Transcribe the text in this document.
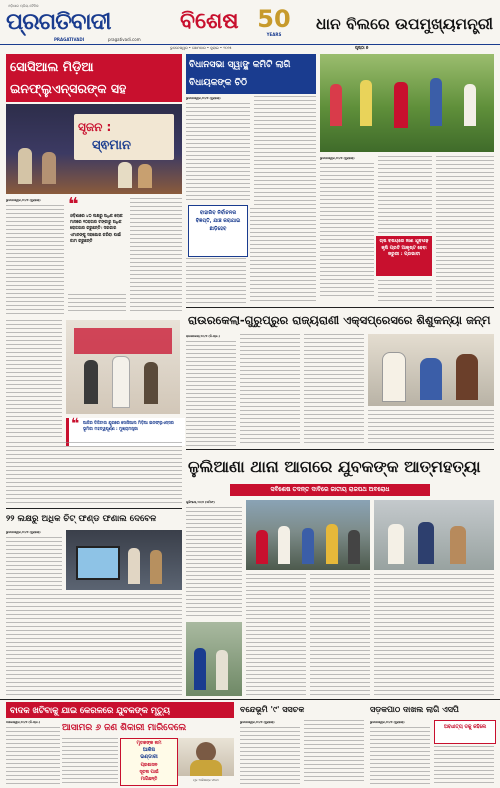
ଓଡ଼ିଶାର ପ୍ରିୟ ଦୈନିକ
ପ୍ରଗତିବାଦୀ
PRAGATIVADI	pragativadi.com
ବିଶେଷ 50
YEARS
ଭୁବନେଶ୍ୱର • ସୋମବାର • ଜୁଲାଇ • ୨୦୨୫	ପୃଷ୍ଠା ୭
ଧାନ ବିଲରେ ଉପମୁଖ୍ୟମନ୍ତ୍ରୀ
ସୋସିଆଲ ମିଡ଼ିଆ ଇନଫ୍ଲୁଏନ୍ସରଙ୍କ ସହ
ସୃଜନ :
ସ୍ଵମାନ
ଭୁବନେଶ୍ୱର,୨୦/୭ (ବ୍ୟୁରୋ)	❝
ଓଡ଼ିଶାରେ ୪୦ ଲକ୍ଷରୁ ଅଧିକ ଲୋକ ମାସରେ ୧୦ହଜାର ଟଙ୍କାରୁ ଅଧିକ ରୋଜଗାର କରୁଛନ୍ତି। ସରକାର ଏମାନଙ୍କୁ ସହଯୋଗ କରିବା ପାଇଁ କାମ କରୁଛନ୍ତି
❝ ଆଜିର ଡିଜିଟାଲ ଯୁଗରେ ସୋସିଆଲ ମିଡ଼ିଆ ଇନଫ୍ଲୁଏନ୍ସର ଭୂମିକା ମହତ୍ୱପୂର୍ଣ୍ଣ : ମୁଖ୍ୟମନ୍ତ୍ରୀ
ବିଧାନସଭା ସ୍ୱାଙ୍କ୍ଷ କମିଟି ଲାଗି ବିଧାୟକଙ୍କ ଚିଠି
ଭୁବନେଶ୍ୱର,୨୦/୭ (ବ୍ୟୁରୋ)
ବାହାରିବ ନିର୍ବାଚନର ବିଜ୍ଞପ୍ତି, ଯାଞ୍ଚ କରାଯାଇ ଛାଡ଼ିହେବ
ଭୁବନେଶ୍ୱର,୨୦/୭ (ବ୍ୟୁରୋ)
ଚାଷ ବିଷୟରେ ଜାଣି ଯୁବପିଢ଼ି କୃଷି ପ୍ରତି ଆକୃଷ୍ଟ ହେବା ଜରୁରୀ : ପ୍ରଭାତୀ
ରାଉରକେଲା-ଗୁରୁପ୍ରୁର ରାଜ୍ୟରାଣୀ ଏକ୍ସପ୍ରେସରେ ଶିଶୁକନ୍ୟା ଜନ୍ମ
ରାଉରକେଲା,୨୦/୭ (ନି.ପ୍ର.)
ଳୁଲିଆଣା ଥାନା ଆଗରେ ଯୁବକଙ୍କ ଆତ୍ମହତ୍ୟା
ସବିଶେଷ ତଦନ୍ତ ଦାବିରେ ଜାତୀୟ ରାଜପଥ ଅବରୋଧ
କୁଳିଆଣା,୨୦/୭ (ସମିସଂ)
୨୨ ଲକ୍ଷରୁ ଅଧିକ ଚିଟ୍ ଫଣ୍ଡ ଫଣାଲ ଦେବେଳ
ଭୁବନେଶ୍ୱର,୨୦/୭ (ବ୍ୟୁରୋ)
ବାଦକ ଖଟିବାକୁ ଯାଇ କେରଳରେ ଯୁବକଙ୍କ ମୃତ୍ୟୁ
ବାଲେଶ୍ୱର,୨୦/୭ (ନି.ପ୍ର.)
ଆସାମର ୬ ଜଣ ଶିକାରୀ ମାରିଦେଲେ
ମୃତକଙ୍କ ନାମ
ଆଶିଷ
ଭଣ୍ଡାରୀ
ପ୍ରଶାସନ
ସୂଚନା ପାଇଁ
ମାଗିଛନ୍ତି	ମୃତ ଆଶିଷଙ୍କ ଫଟୋ
ବନ୍ଦେଭୂମି '୯' ସସଚକ
ଭୁବନେଶ୍ୱର,୨୦/୭ (ବ୍ୟୁରୋ)
ସଡ଼କପାଠ ଦାଖଲ ଲାଗି ଏସପି
ଭୁବନେଶ୍ୱର,୨୦/୭ (ବ୍ୟୁରୋ)
ଅବଧୀତ୍ୟ ଡକୁ କହିଲେ
